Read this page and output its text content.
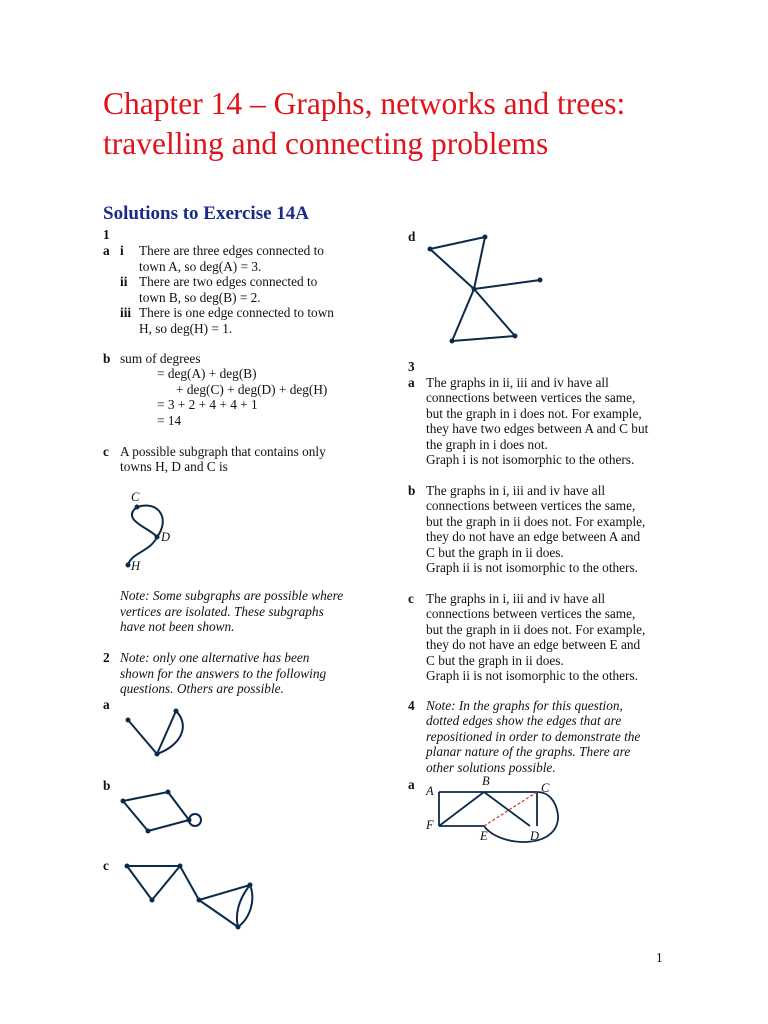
Chapter 14 – Graphs, networks and trees: travelling and connecting problems
Solutions to Exercise 14A
1
a i There are three edges connected to
town A, so deg(A) = 3.
ii There are two edges connected to
town B, so deg(B) = 2.
iii There is one edge connected to town
H, so deg(H) = 1.
b sum of degrees
= deg(A) + deg(B)
+ deg(C) + deg(D) + deg(H)
= 3 + 2 + 4 + 4 + 1
= 14
c A possible subgraph that contains only
towns H, D and C is
C
D
H
Note: Some subgraphs are possible where
vertices are isolated. These subgraphs
have not been shown.
2 Note: only one alternative has been
shown for the answers to the following
questions. Others are possible.
a
b
c
d
3
a The graphs in ii, iii and iv have all
connections between vertices the same,
but the graph in i does not. For example,
they have two edges between A and C but
the graph in i does not.
Graph i is not isomorphic to the others.
b The graphs in i, iii and iv have all
connections between vertices the same,
but the graph in ii does not. For example,
they do not have an edge between A and
C but the graph in ii does.
Graph ii is not isomorphic to the others.
c The graphs in i, iii and iv have all
connections between vertices the same,
but the graph in ii does not. For example,
they do not have an edge between E and
C but the graph in ii does.
Graph ii is not isomorphic to the others.
4 Note: In the graphs for this question,
dotted edges show the edges that are
repositioned in order to demonstrate the
planar nature of the graphs. There are
other solutions possible.
a A
B	C
D
E
F
1
